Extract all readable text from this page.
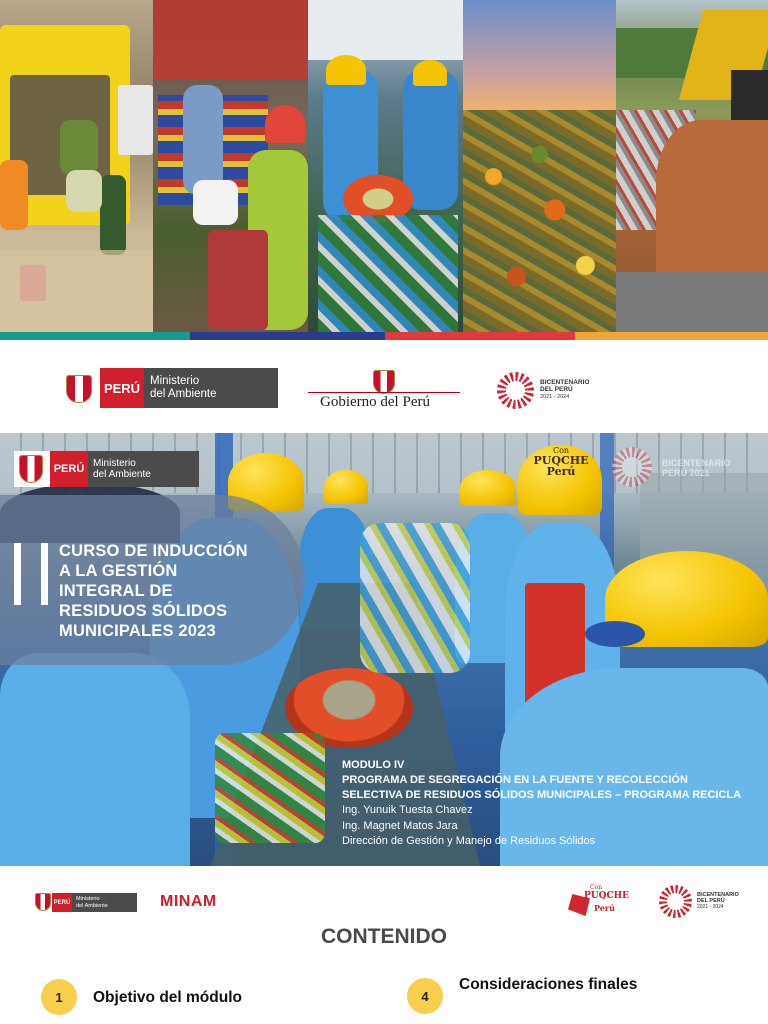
PERÚ Ministerio
del Ambiente	Gobierno del Perú
BICENTENARIO
DEL PERÚ
2021 - 2024
Con
PUQCHE
Perú
PERÚ Ministerio
del Ambiente
BICENTENARIO
PERÚ 2021
CURSO DE INDUCCIÓN
A LA GESTIÓN
INTEGRAL DE
RESIDUOS SÓLIDOS
MUNICIPALES 2023
MODULO IV
PROGRAMA DE SEGREGACIÓN EN LA FUENTE Y RECOLECCIÓN
SELECTIVA DE RESIDUOS SÓLIDOS MUNICIPALES – PROGRAMA RECICLA
Ing. Yunuik Tuesta Chavez
Ing. Magnet Matos Jara
Dirección de Gestión y Manejo de Residuos Sólidos
PERÚ
Ministerio
del Ambiente	MINAM
Con
PUQCHE
Perú
BICENTENARIO
DEL PERÚ
2021 - 2024
CONTENIDO
1	Objetivo del módulo	4
Consideraciones finales
